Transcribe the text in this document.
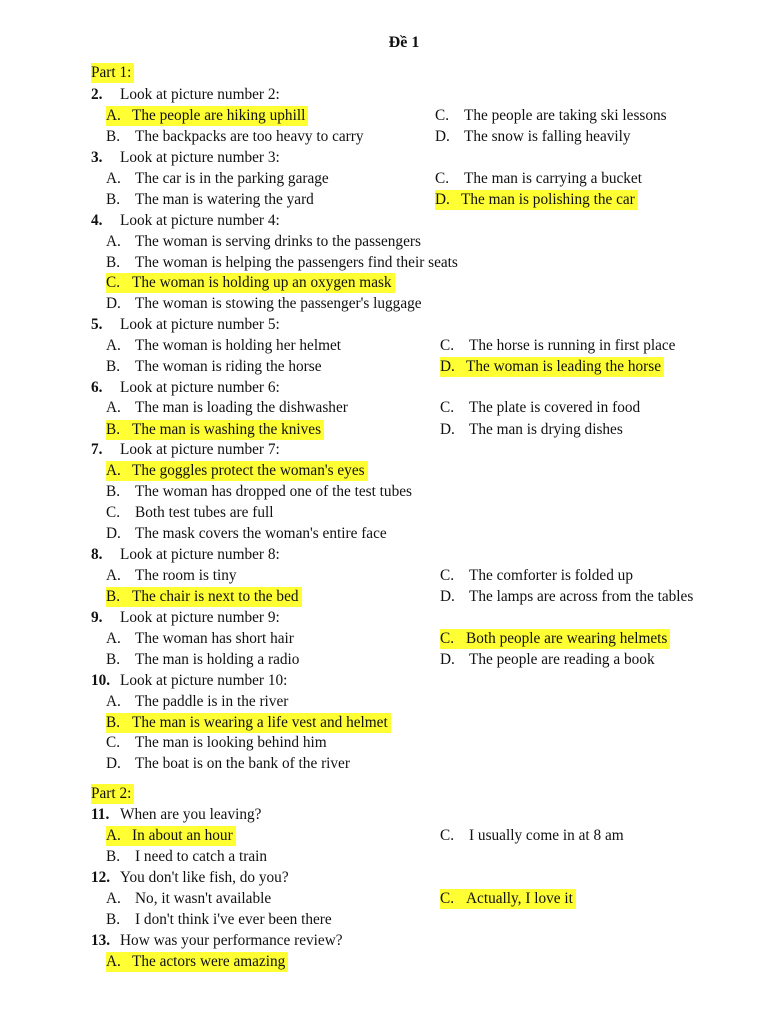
Đề 1
Part 1:
2. Look at picture number 2:
A. The people are hiking uphill
B. The backpacks are too heavy to carry
C. The people are taking ski lessons
D. The snow is falling heavily
3. Look at picture number 3:
A. The car is in the parking garage
B. The man is watering the yard
C. The man is carrying a bucket
D. The man is polishing the car
4. Look at picture number 4:
A. The woman is serving drinks to the passengers
B. The woman is helping the passengers find their seats
C. The woman is holding up an oxygen mask
D. The woman is stowing the passenger's luggage
5. Look at picture number 5:
A. The woman is holding her helmet
B. The woman is riding the horse
C. The horse is running in first place
D. The woman is leading the horse
6. Look at picture number 6:
A. The man is loading the dishwasher
B. The man is washing the knives
C. The plate is covered in food
D. The man is drying dishes
7. Look at picture number 7:
A. The goggles protect the woman's eyes
B. The woman has dropped one of the test tubes
C. Both test tubes are full
D. The mask covers the woman's entire face
8. Look at picture number 8:
A. The room is tiny
B. The chair is next to the bed
C. The comforter is folded up
D. The lamps are across from the tables
9. Look at picture number 9:
A. The woman has short hair
B. The man is holding a radio
C. Both people are wearing helmets
D. The people are reading a book
10. Look at picture number 10:
A. The paddle is in the river
B. The man is wearing a life vest and helmet
C. The man is looking behind him
D. The boat is on the bank of the river
Part 2:
11. When are you leaving?
A. In about an hour
B. I need to catch a train
C. I usually come in at 8 am
12. You don't like fish, do you?
A. No, it wasn't available
B. I don't think i've ever been there
C. Actually, I love it
13. How was your performance review?
A. The actors were amazing
